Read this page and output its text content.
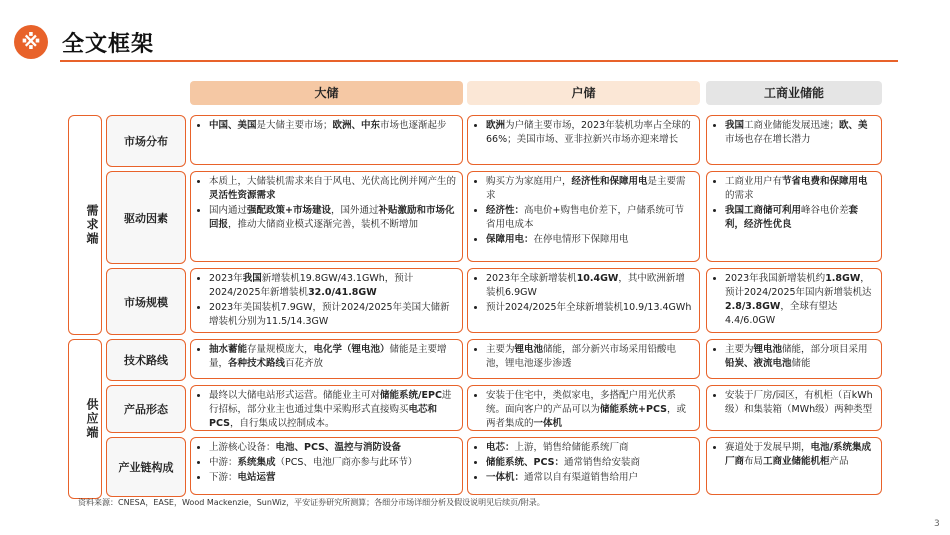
※ 全文框架
大储	户储	工商业储能
需求端
供应端
市场分布
• 中国、美国是大储主要市场；欧洲、中东市场也逐渐起步
•	欧洲为户储主要市场，2023年装机功率占全球的66%；美国市场、亚非拉新兴市场亦迎来增长
• 我国工商业储能发展迅速；欧、美市场也存在增长潜力
驱动因素
• 本质上，大储装机需求来自于风电、光伏高比例并网产生的灵活性资源需求
• 国内通过强配政策+市场建设，国外通过补贴激励和市场化回报，推动大储商业模式逐渐完善，装机不断增加
• 购买方为家庭用户，经济性和保障用电是主要需求
• 经济性：高电价+购售电价差下，户储系统可节省用电成本
• 保障用电：在停电情形下保障用电
• 工商业用户有节省电费和保障用电的需求
• 我国工商储可利用峰谷电价差套利，经济性优良
市场规模
• 2023年我国新增装机19.8GW/43.1GWh，预计2024/2025年新增装机32.0/41.8GW
• 2023年美国装机7.9GW，预计2024/2025年美国大储新增装机分别为11.5/14.3GW
• 2023年全球新增装机10.4GW，其中欧洲新增装机6.9GW
• 预计2024/2025年全球新增装机10.9/13.4GWh
• 2023年我国新增装机约1.8GW，预计2024/2025年国内新增装机达2.8/3.8GW，全球有望达4.4/6.0GW
技术路线
• 抽水蓄能存量规模庞大，电化学（锂电池）储能是主要增量，各种技术路线百花齐放
• 主要为锂电池储能，部分新兴市场采用铅酸电池，锂电池逐步渗透
• 主要为锂电池储能，部分项目采用铅炭、液流电池储能
产品形态
• 最终以大储电站形式运营。储能业主可对储能系统/EPC进行招标，部分业主也通过集中采购形式直接购买电芯和PCS，自行集成以控制成本。
• 安装于住宅中，类似家电，多搭配户用光伏系统。面向客户的产品可以为储能系统+PCS，或两者集成的一体机
• 安装于厂房/园区，有机柜（百kWh级）和集装箱（MWh级）两种类型
产业链构成
• 上游核心设备：电池、PCS、温控与消防设备
• 中游：系统集成（PCS、电池厂商亦参与此环节）
• 下游：电站运营
• 电芯：上游，销售给储能系统厂商
• 储能系统、PCS：通常销售给安装商
• 一体机：通常以自有渠道销售给用户
• 赛道处于发展早期，电池/系统集成厂商布局工商业储能机柜产品
资料来源：CNESA，EASE，Wood Mackenzie，SunWiz，平安证券研究所测算；各细分市场详细分析及假设说明见后续页/附录。
3
